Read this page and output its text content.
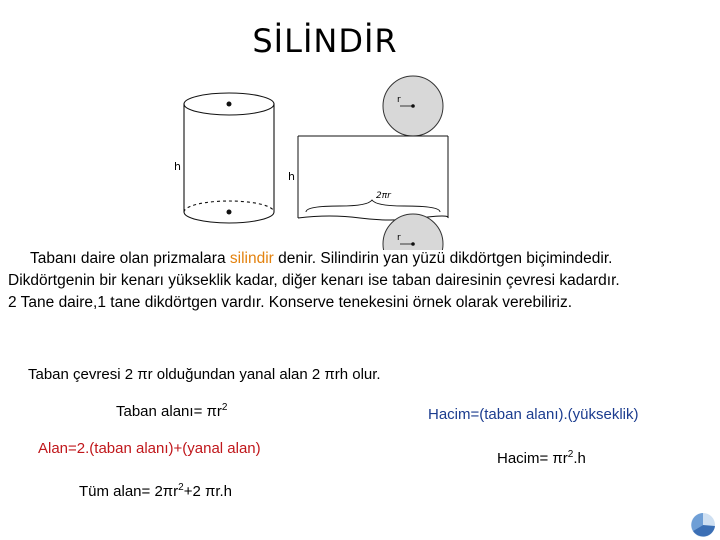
SİLİNDİR
h
r
h
2πr
r
Tabanı daire olan prizmalara silindir denir. Silindirin yan yüzü dikdörtgen biçimindedir.
Dikdörtgenin bir kenarı yükseklik kadar, diğer kenarı ise taban dairesinin çevresi kadardır.
2 Tane daire,1 tane dikdörtgen vardır. Konserve tenekesini örnek olarak verebiliriz.
Taban çevresi 2 πr olduğundan yanal alan 2 πrh olur.
Taban alanı= $\pi r^2$	Hacim=(taban alanı).(yükseklik)
Alan=2.(taban alanı)+(yanal alan)
Hacim= $\pi r^2.h$
Tüm alan= $2\pi r^2+2$ πr.h
